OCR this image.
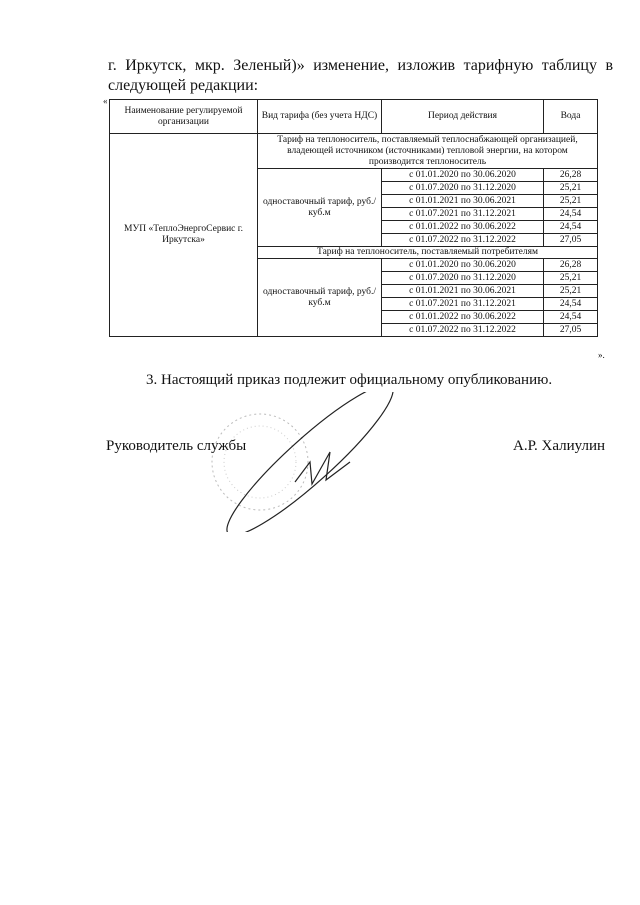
г. Иркутск, мкр. Зеленый)» изменение, изложив тарифную таблицу в
следующей редакции:
«
Наименование регулируемой организации	Вид тарифа (без учета НДС)	Период действия	Вода
МУП «ТеплоЭнергоСервис г. Иркутска»	Тариф на теплоноситель, поставляемый теплоснабжающей организацией, владеющей источником (источниками) тепловой энергии, на котором производится теплоноситель		
	одноставочный тариф, руб./куб.м	с 01.01.2020 по 30.06.2020	26,28
		с 01.07.2020 по 31.12.2020	25,21
		с 01.01.2021 по 30.06.2021	25,21
		с 01.07.2021 по 31.12.2021	24,54
		с 01.01.2022 по 30.06.2022	24,54
		с 01.07.2022 по 31.12.2022	27,05
	Тариф на теплоноситель, поставляемый потребителям		
	одноставочный тариф, руб./куб.м	с 01.01.2020 по 30.06.2020	26,28
		с 01.07.2020 по 31.12.2020	25,21
		с 01.01.2021 по 30.06.2021	25,21
		с 01.07.2021 по 31.12.2021	24,54
		с 01.01.2022 по 30.06.2022	24,54
		с 01.07.2022 по 31.12.2022	27,05
».
3. Настоящий приказ подлежит официальному опубликованию.
Руководитель службы	А.Р. Халиулин
